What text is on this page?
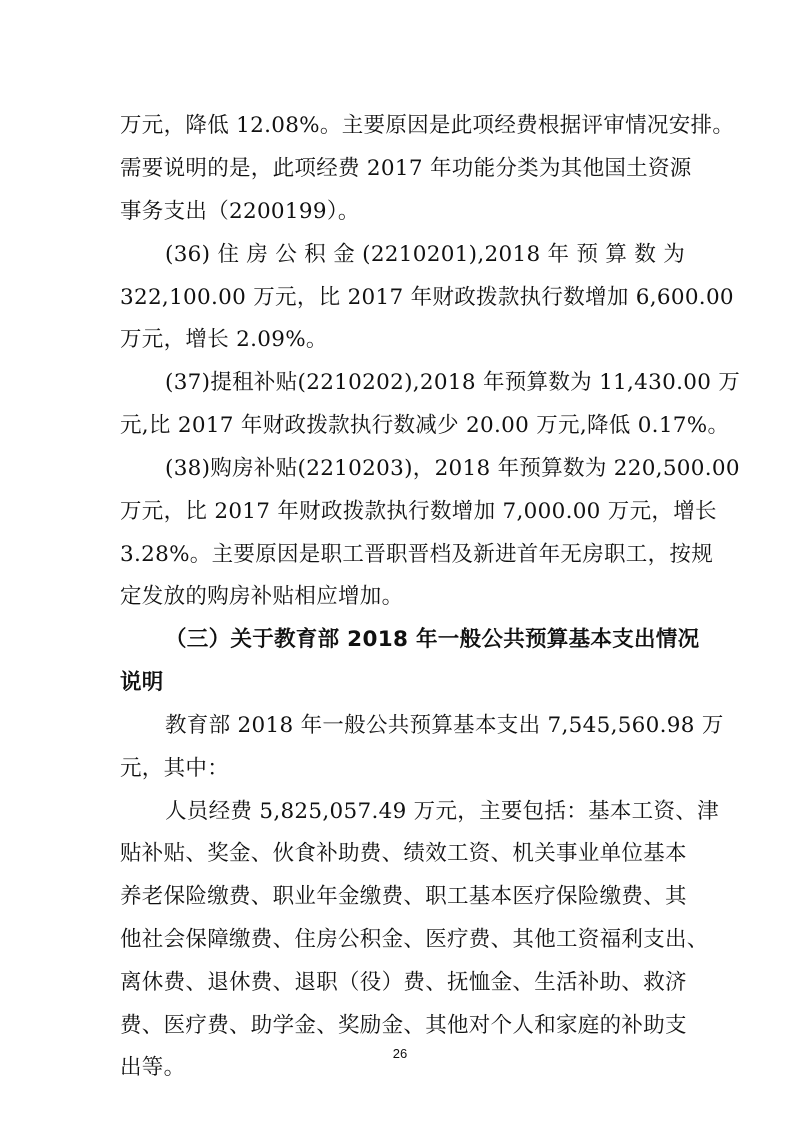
万元，降低 12.08%。主要原因是此项经费根据评审情况安排。
需要说明的是，此项经费 2017 年功能分类为其他国土资源
事务支出（2200199）。
(36) 住 房 公 积 金 (2210201),2018 年 预 算 数 为
322,100.00 万元，比 2017 年财政拨款执行数增加 6,600.00
万元，增长 2.09%。
(37)提租补贴(2210202),2018 年预算数为 11,430.00 万
元,比 2017 年财政拨款执行数减少 20.00 万元,降低 0.17%。
(38)购房补贴(2210203)，2018 年预算数为 220,500.00
万元，比 2017 年财政拨款执行数增加 7,000.00 万元，增长
3.28%。主要原因是职工晋职晋档及新进首年无房职工，按规
定发放的购房补贴相应增加。
（三）关于教育部 2018 年一般公共预算基本支出情况
说明
教育部 2018 年一般公共预算基本支出 7,545,560.98 万
元，其中：
人员经费 5,825,057.49 万元，主要包括：基本工资、津
贴补贴、奖金、伙食补助费、绩效工资、机关事业单位基本
养老保险缴费、职业年金缴费、职工基本医疗保险缴费、其
他社会保障缴费、住房公积金、医疗费、其他工资福利支出、
离休费、退休费、退职（役）费、抚恤金、生活补助、救济
费、医疗费、助学金、奖励金、其他对个人和家庭的补助支
出等。
26
